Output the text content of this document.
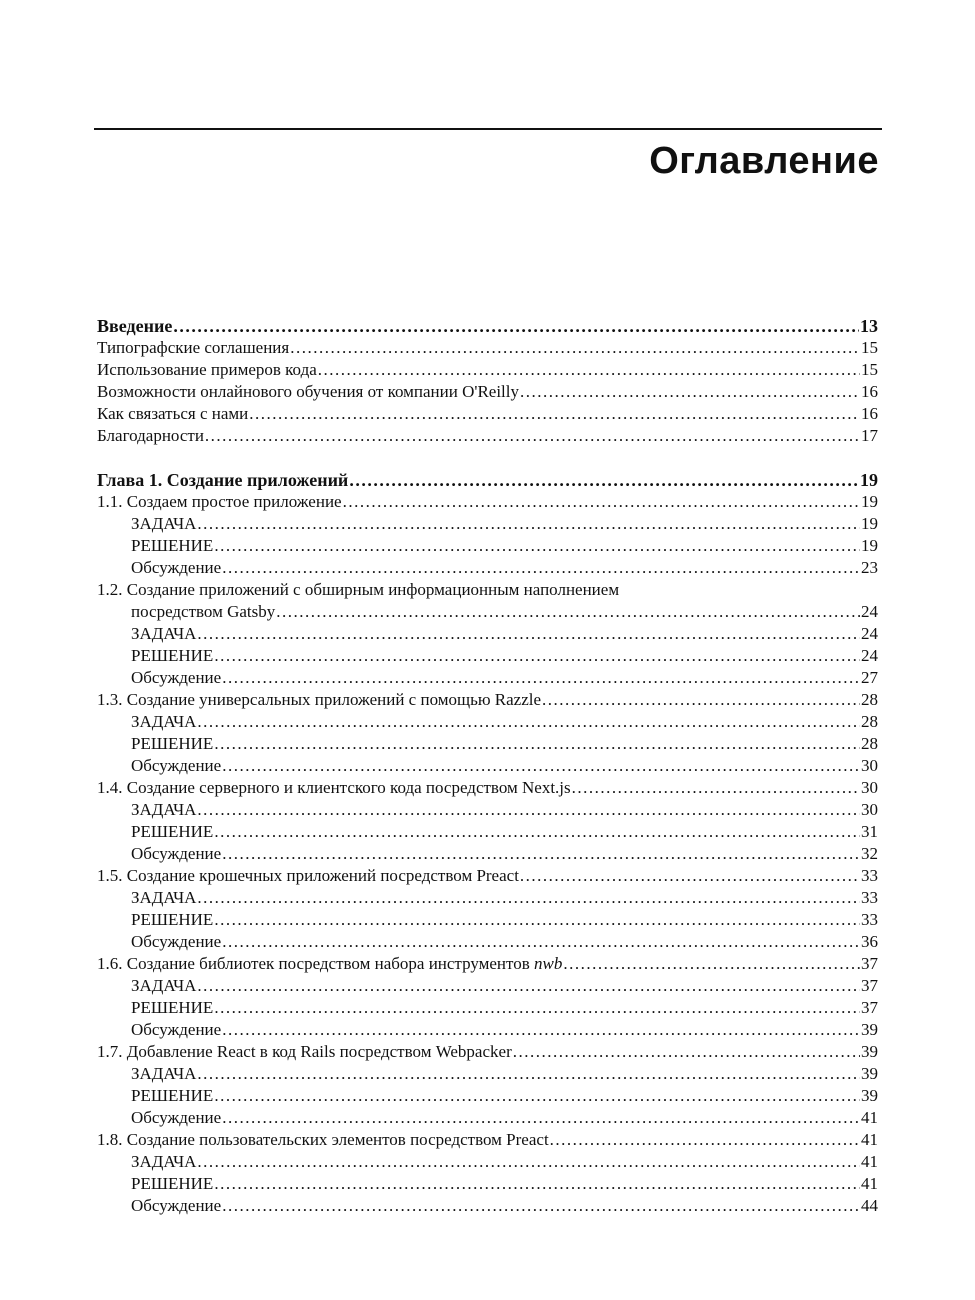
Оглавление
Введение .....	13
Типографские соглашения .....	15
Использование примеров кода .....	15
Возможности онлайнового обучения от компании O'Reilly .....	16
Как связаться с нами .....	16
Благодарности .....	17
Глава 1. Создание приложений .....	19
1.1. Создаем простое приложение .....	19
ЗАДАЧА .....	19
РЕШЕНИЕ .....	19
Обсуждение .....	23
1.2. Создание приложений с обширным информационным наполнением
посредством Gatsby .....	24
ЗАДАЧА .....	24
РЕШЕНИЕ .....	24
Обсуждение .....	27
1.3. Создание универсальных приложений с помощью Razzle .....	28
ЗАДАЧА .....	28
РЕШЕНИЕ .....	28
Обсуждение .....	30
1.4. Создание серверного и клиентского кода посредством Next.js .....	30
ЗАДАЧА .....	30
РЕШЕНИЕ .....	31
Обсуждение .....	32
1.5. Создание крошечных приложений посредством Preact .....	33
ЗАДАЧА .....	33
РЕШЕНИЕ .....	33
Обсуждение .....	36
1.6. Создание библиотек посредством набора инструментов nwb .....	37
ЗАДАЧА .....	37
РЕШЕНИЕ .....	37
Обсуждение .....	39
1.7. Добавление React в код Rails посредством Webpacker .....	39
ЗАДАЧА .....	39
РЕШЕНИЕ .....	39
Обсуждение .....	41
1.8. Создание пользовательских элементов посредством Preact .....	41
ЗАДАЧА .....	41
РЕШЕНИЕ .....	41
Обсуждение .....	44
